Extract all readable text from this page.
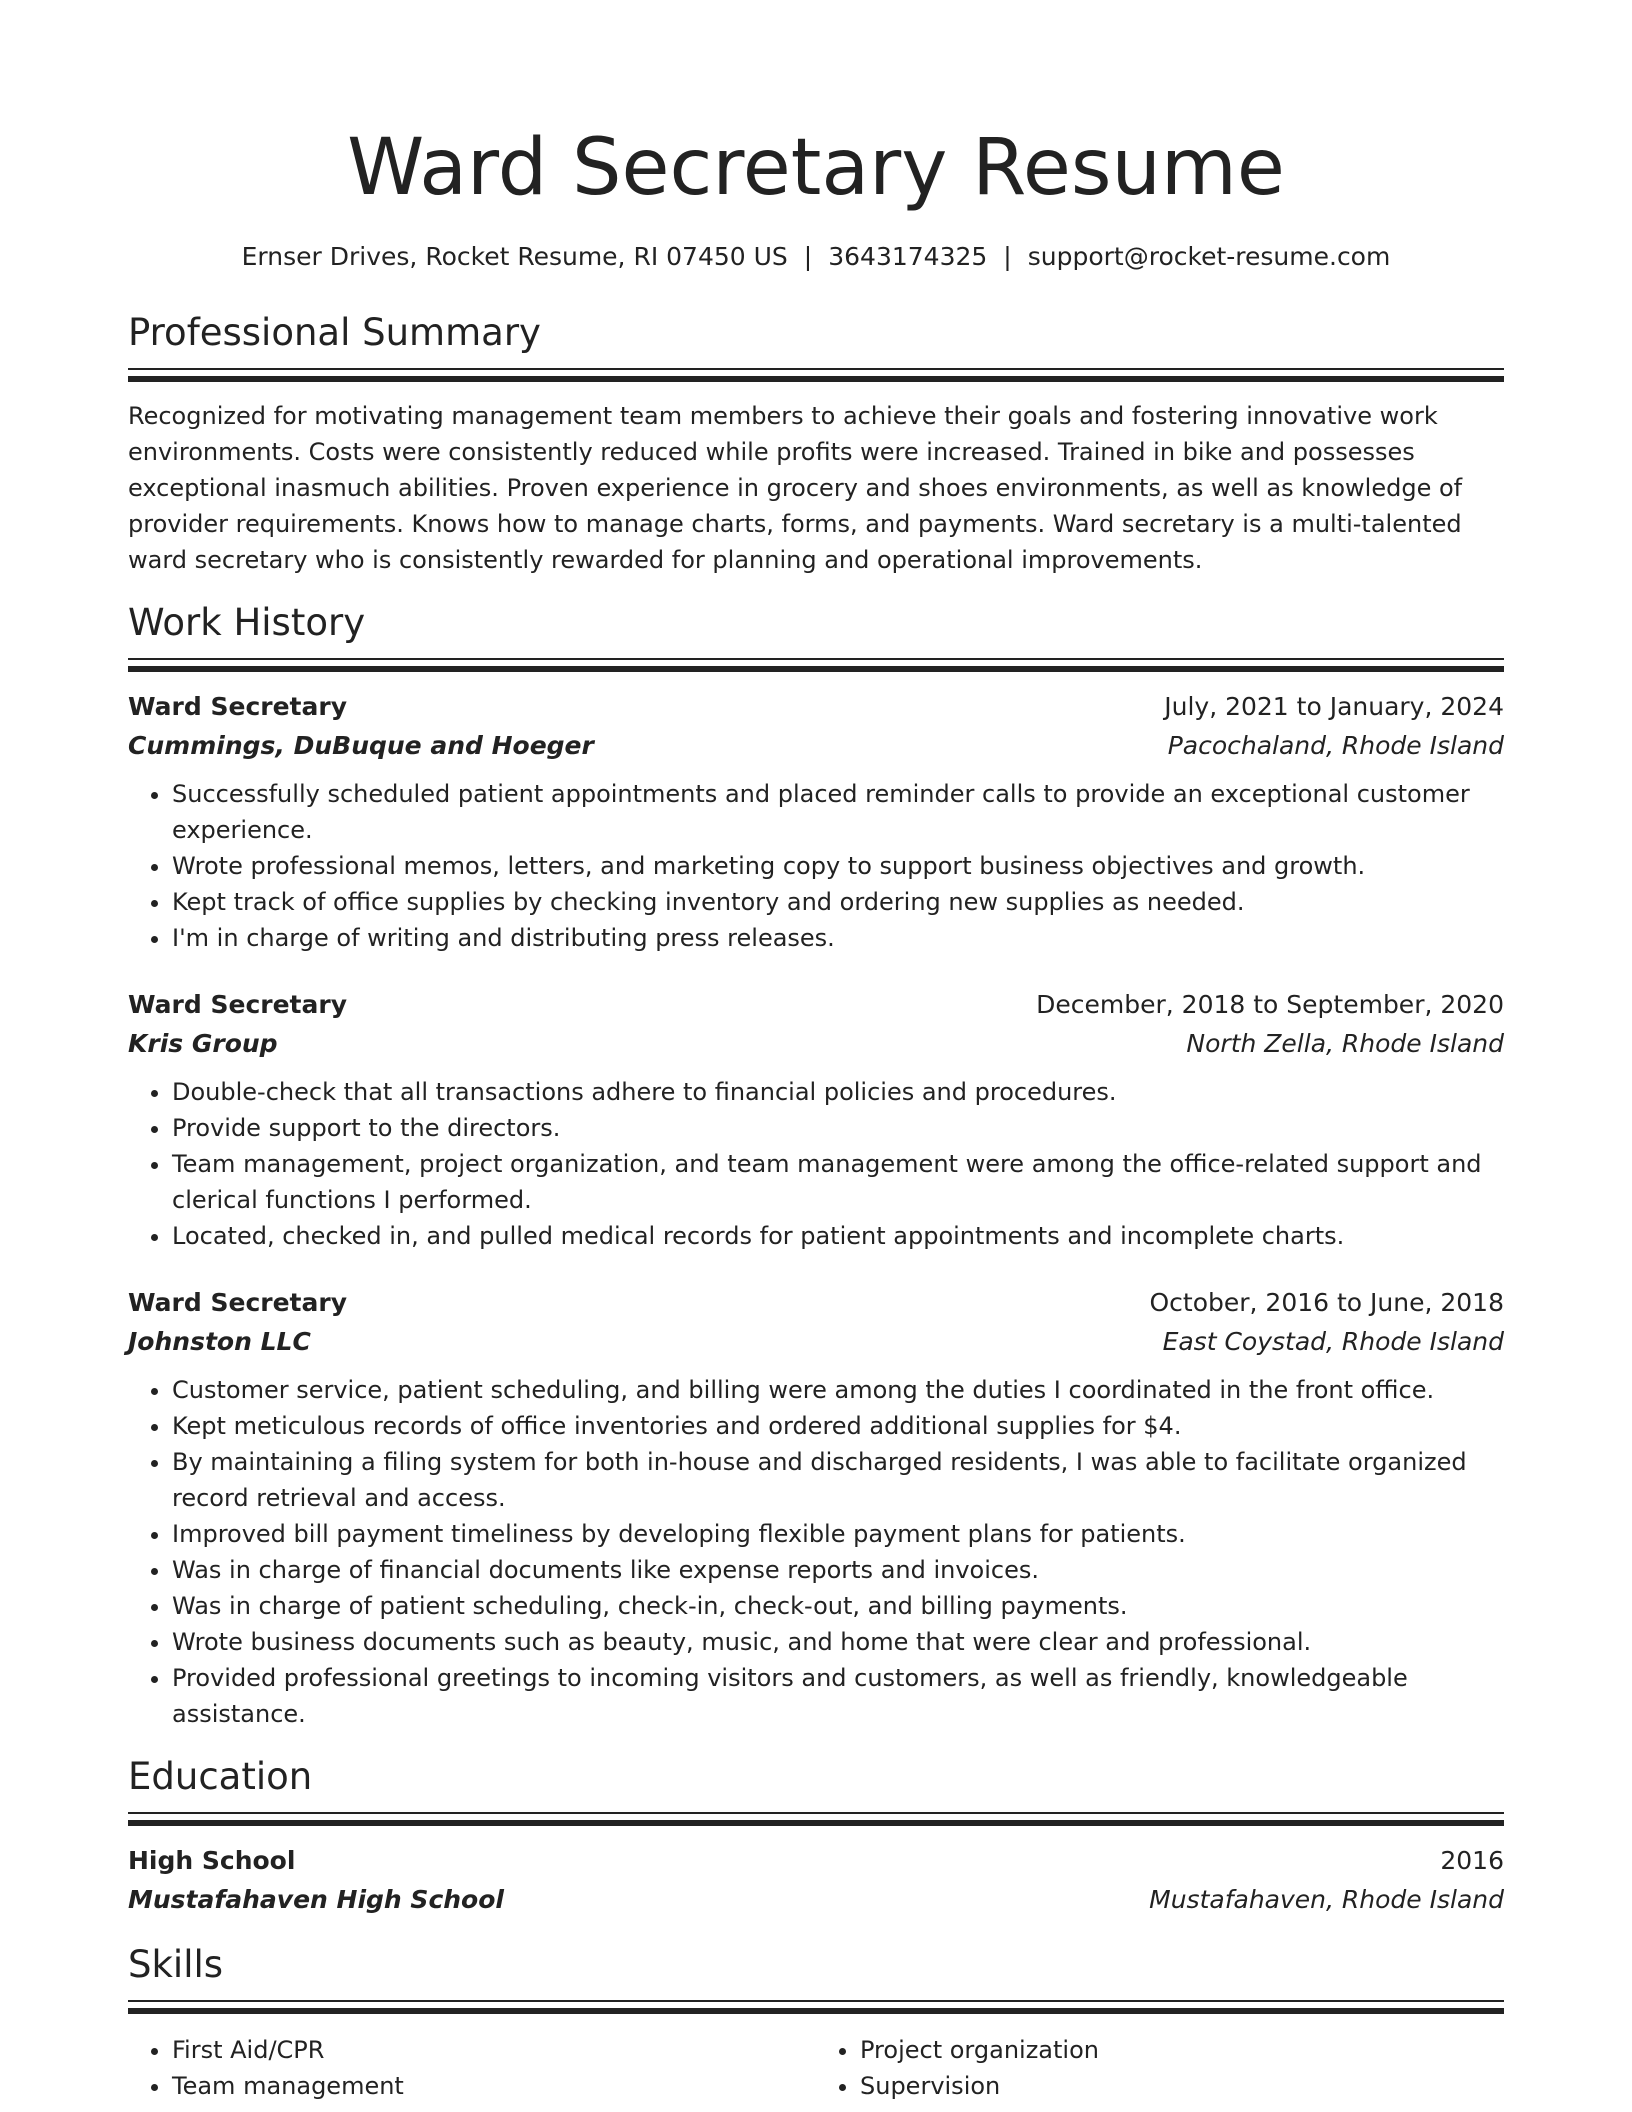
Ward Secretary Resume
Ernser Drives, Rocket Resume, RI 07450 US | 3643174325 | support@rocket-resume.com
Professional Summary
Recognized for motivating management team members to achieve their goals and fostering innovative work environments. Costs were consistently reduced while profits were increased. Trained in bike and possesses exceptional inasmuch abilities. Proven experience in grocery and shoes environments, as well as knowledge of provider requirements. Knows how to manage charts, forms, and payments. Ward secretary is a multi-talented ward secretary who is consistently rewarded for planning and operational improvements.
Work History
Ward Secretary	July, 2021 to January, 2024
Cummings, DuBuque and Hoeger	Pacochaland, Rhode Island
• Successfully scheduled patient appointments and placed reminder calls to provide an exceptional customer experience.
• Wrote professional memos, letters, and marketing copy to support business objectives and growth.
• Kept track of office supplies by checking inventory and ordering new supplies as needed.
• I'm in charge of writing and distributing press releases.
Ward Secretary	December, 2018 to September, 2020
Kris Group	North Zella, Rhode Island
• Double-check that all transactions adhere to financial policies and procedures.
• Provide support to the directors.
• Team management, project organization, and team management were among the office-related support and clerical functions I performed.
• Located, checked in, and pulled medical records for patient appointments and incomplete charts.
Ward Secretary	October, 2016 to June, 2018
Johnston LLC	East Coystad, Rhode Island
• Customer service, patient scheduling, and billing were among the duties I coordinated in the front office.
• Kept meticulous records of office inventories and ordered additional supplies for $4.
• By maintaining a filing system for both in-house and discharged residents, I was able to facilitate organized record retrieval and access.
• Improved bill payment timeliness by developing flexible payment plans for patients.
• Was in charge of financial documents like expense reports and invoices.
• Was in charge of patient scheduling, check-in, check-out, and billing payments.
• Wrote business documents such as beauty, music, and home that were clear and professional.
• Provided professional greetings to incoming visitors and customers, as well as friendly, knowledgeable assistance.
Education
High School	2016
Mustafahaven High School	Mustafahaven, Rhode Island
Skills
• First Aid/CPR
• Team management
• Project organization
• Supervision
